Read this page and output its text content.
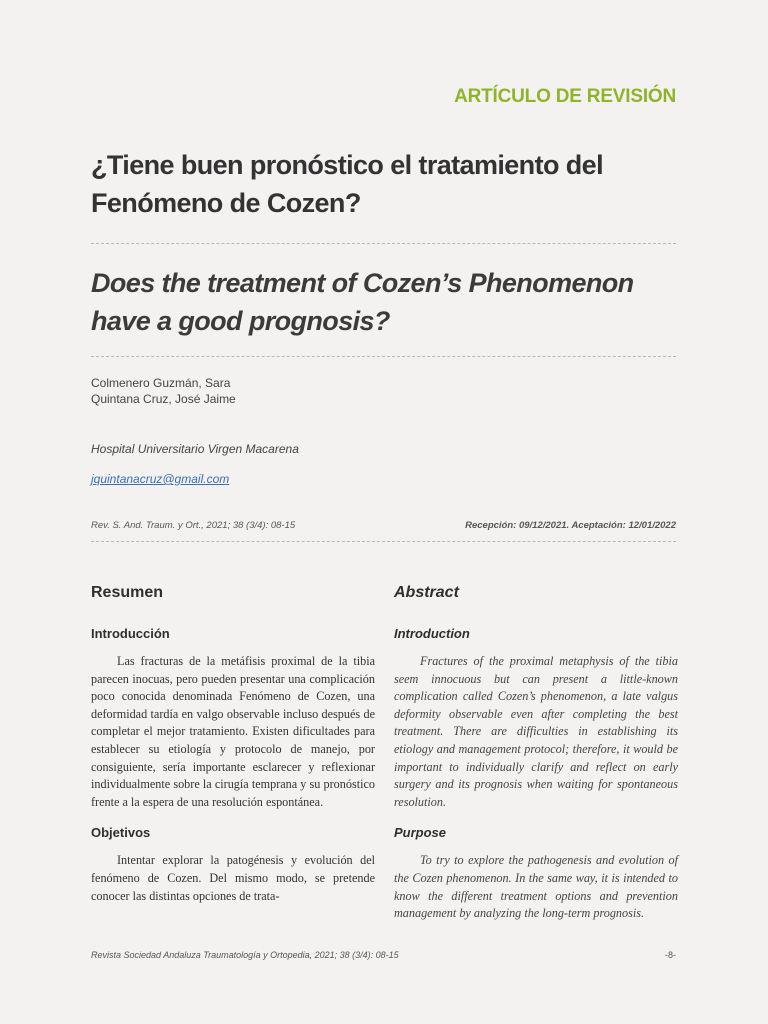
ARTÍCULO DE REVISIÓN
¿Tiene buen pronóstico el tratamiento del Fenómeno de Cozen?
Does the treatment of Cozen’s Phenomenon have a good prognosis?
Colmenero Guzmán, Sara
Quintana Cruz, José Jaime
Hospital Universitario Virgen Macarena
jquintanacruz@gmail.com
Rev. S. And. Traum. y Ort., 2021; 38 (3/4): 08-15	Recepción: 09/12/2021. Aceptación: 12/01/2022
Resumen
Introducción

Las fracturas de la metáfisis proximal de la tibia parecen inocuas, pero pueden presentar una complicación poco conocida denominada Fenómeno de Cozen, una deformidad tardía en valgo observable incluso después de completar el mejor tratamiento. Existen dificultades para establecer su etiología y protocolo de manejo, por consiguiente, sería importante esclarecer y reflexionar individualmente sobre la cirugía temprana y su pronóstico frente a la espera de una resolución espontánea.

Objetivos

Intentar explorar la patogénesis y evolución del fenómeno de Cozen. Del mismo modo, se pretende conocer las distintas opciones de trata-

Abstract
Introduction

Fractures of the proximal metaphysis of the tibia seem innocuous but can present a little-known complication called Cozen’s phenomenon, a late valgus deformity observable even after completing the best treatment. There are difficulties in establishing its etiology and management protocol; therefore, it would be important to individually clarify and reflect on early surgery and its prognosis when waiting for spontaneous resolution.

Purpose

To try to explore the pathogenesis and evolution of the Cozen phenomenon. In the same way, it is intended to know the different treatment options and prevention management by analyzing the long-term prognosis.

Revista Sociedad Andaluza Traumatología y Ortopedia, 2021; 38 (3/4): 08-15	-8-
